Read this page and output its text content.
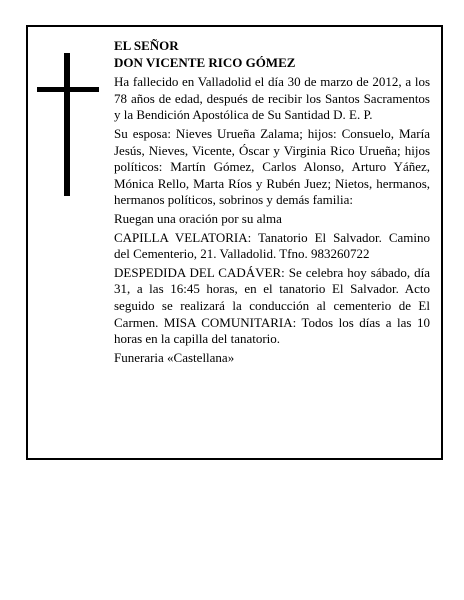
EL SEÑOR

DON VICENTE RICO GÓMEZ

Ha fallecido en Valladolid el día 30 de marzo de 2012, a los 78 años de edad, después de recibir los Santos Sacramentos y la Bendición Apostólica de Su Santidad D. E. P.

Su esposa: Nieves Urueña Zalama; hijos: Consuelo, María Jesús, Nieves, Vicente, Óscar y Virginia Rico Urueña; hijos políticos: Martín Gómez, Carlos Alonso, Arturo Yáñez, Mónica Rello, Marta Ríos y Rubén Juez; Nietos, hermanos, hermanos políticos, sobrinos y demás familia:

Ruegan una oración por su alma

CAPILLA VELATORIA: Tanatorio El Salvador. Camino del Cementerio, 21. Valladolid. Tfno. 983260722

DESPEDIDA DEL CADÁVER: Se celebra hoy sábado, día 31, a las 16:45 horas, en el tanatorio El Salvador. Acto seguido se realizará la conducción al cementerio de El Carmen. MISA COMUNITARIA: Todos los días a las 10 horas en la capilla del tanatorio.

Funeraria «Castellana»
